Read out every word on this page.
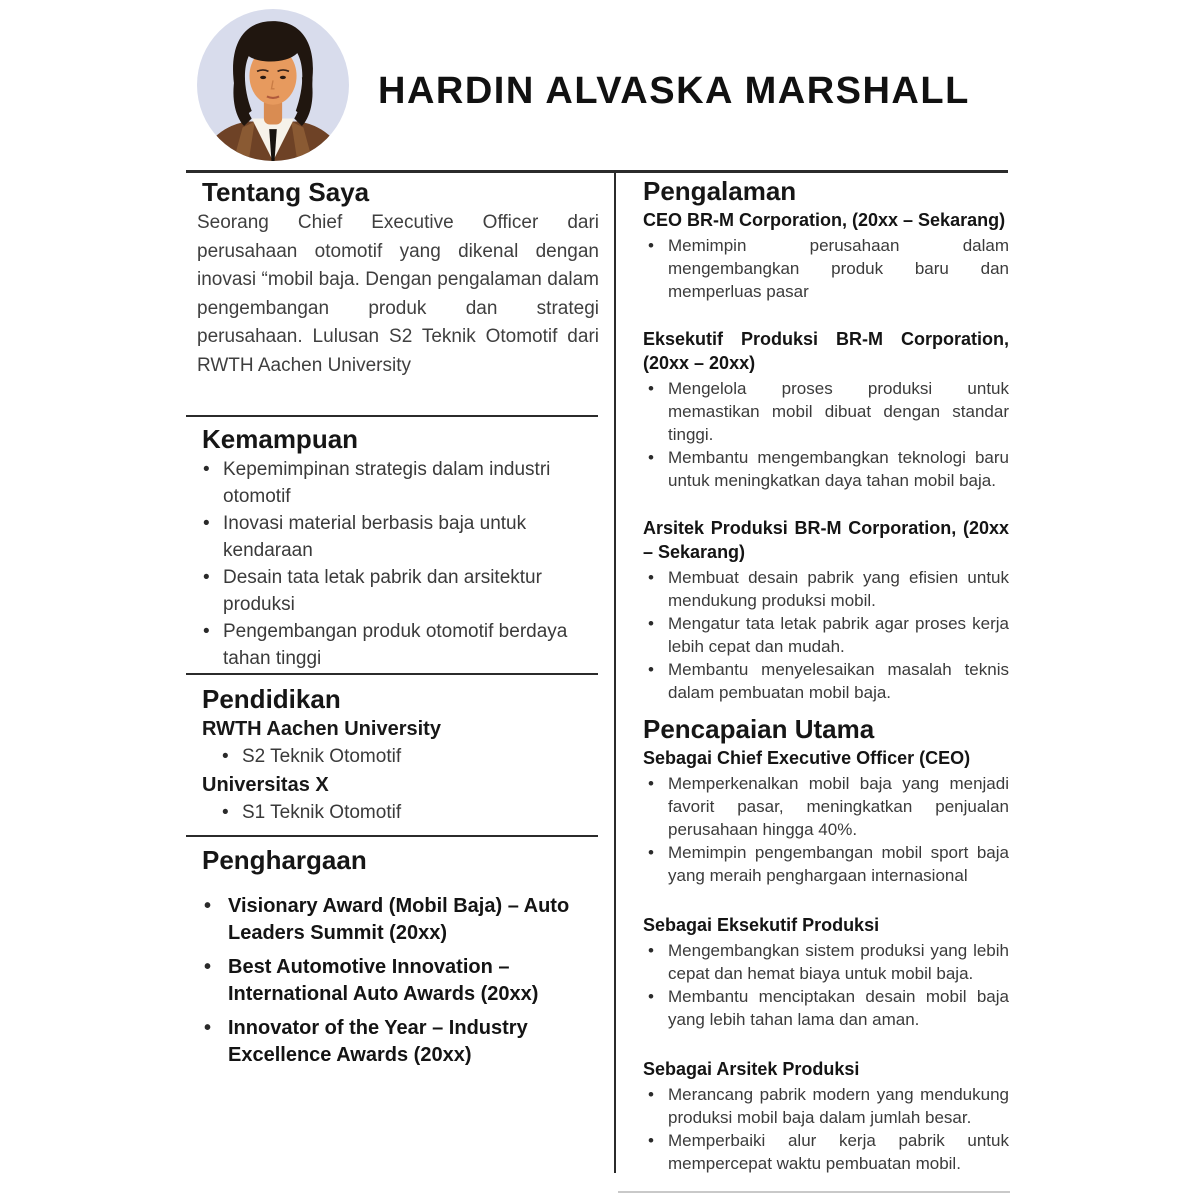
HARDIN ALVASKA MARSHALL
Tentang Saya

Seorang Chief Executive Officer dari perusahaan otomotif yang dikenal dengan inovasi “mobil baja. Dengan pengalaman dalam pengembangan produk dan strategi perusahaan. Lulusan S2 Teknik Otomotif dari RWTH Aachen University

Kemampuan
• Kepemimpinan strategis dalam industri otomotif
• Inovasi material berbasis baja untuk kendaraan
• Desain tata letak pabrik dan arsitektur produksi
• Pengembangan produk otomotif berdaya tahan tinggi
Pendidikan
RWTH Aachen University
• S2 Teknik Otomotif
Universitas X
• S1 Teknik Otomotif
Penghargaan
• Visionary Award (Mobil Baja) – Auto Leaders Summit (20xx)
• Best Automotive Innovation – International Auto Awards (20xx)
• Innovator of the Year – Industry Excellence Awards (20xx)
Pengalaman
CEO BR-M Corporation, (20xx – Sekarang)
• Memimpin perusahaan dalam mengembangkan produk baru dan memperluas pasar
Eksekutif Produksi BR-M Corporation, (20xx – 20xx)
• Mengelola proses produksi untuk memastikan mobil dibuat dengan standar tinggi.
• Membantu mengembangkan teknologi baru untuk meningkatkan daya tahan mobil baja.
Arsitek Produksi BR-M Corporation, (20xx – Sekarang)
• Membuat desain pabrik yang efisien untuk mendukung produksi mobil.
• Mengatur tata letak pabrik agar proses kerja lebih cepat dan mudah.
• Membantu menyelesaikan masalah teknis dalam pembuatan mobil baja.
Pencapaian Utama
Sebagai Chief Executive Officer (CEO)
• Memperkenalkan mobil baja yang menjadi favorit pasar, meningkatkan penjualan perusahaan hingga 40%.
• Memimpin pengembangan mobil sport baja yang meraih penghargaan internasional
Sebagai Eksekutif Produksi
• Mengembangkan sistem produksi yang lebih cepat dan hemat biaya untuk mobil baja.
• Membantu menciptakan desain mobil baja yang lebih tahan lama dan aman.
Sebagai Arsitek Produksi
• Merancang pabrik modern yang mendukung produksi mobil baja dalam jumlah besar.
• Memperbaiki alur kerja pabrik untuk mempercepat waktu pembuatan mobil.
